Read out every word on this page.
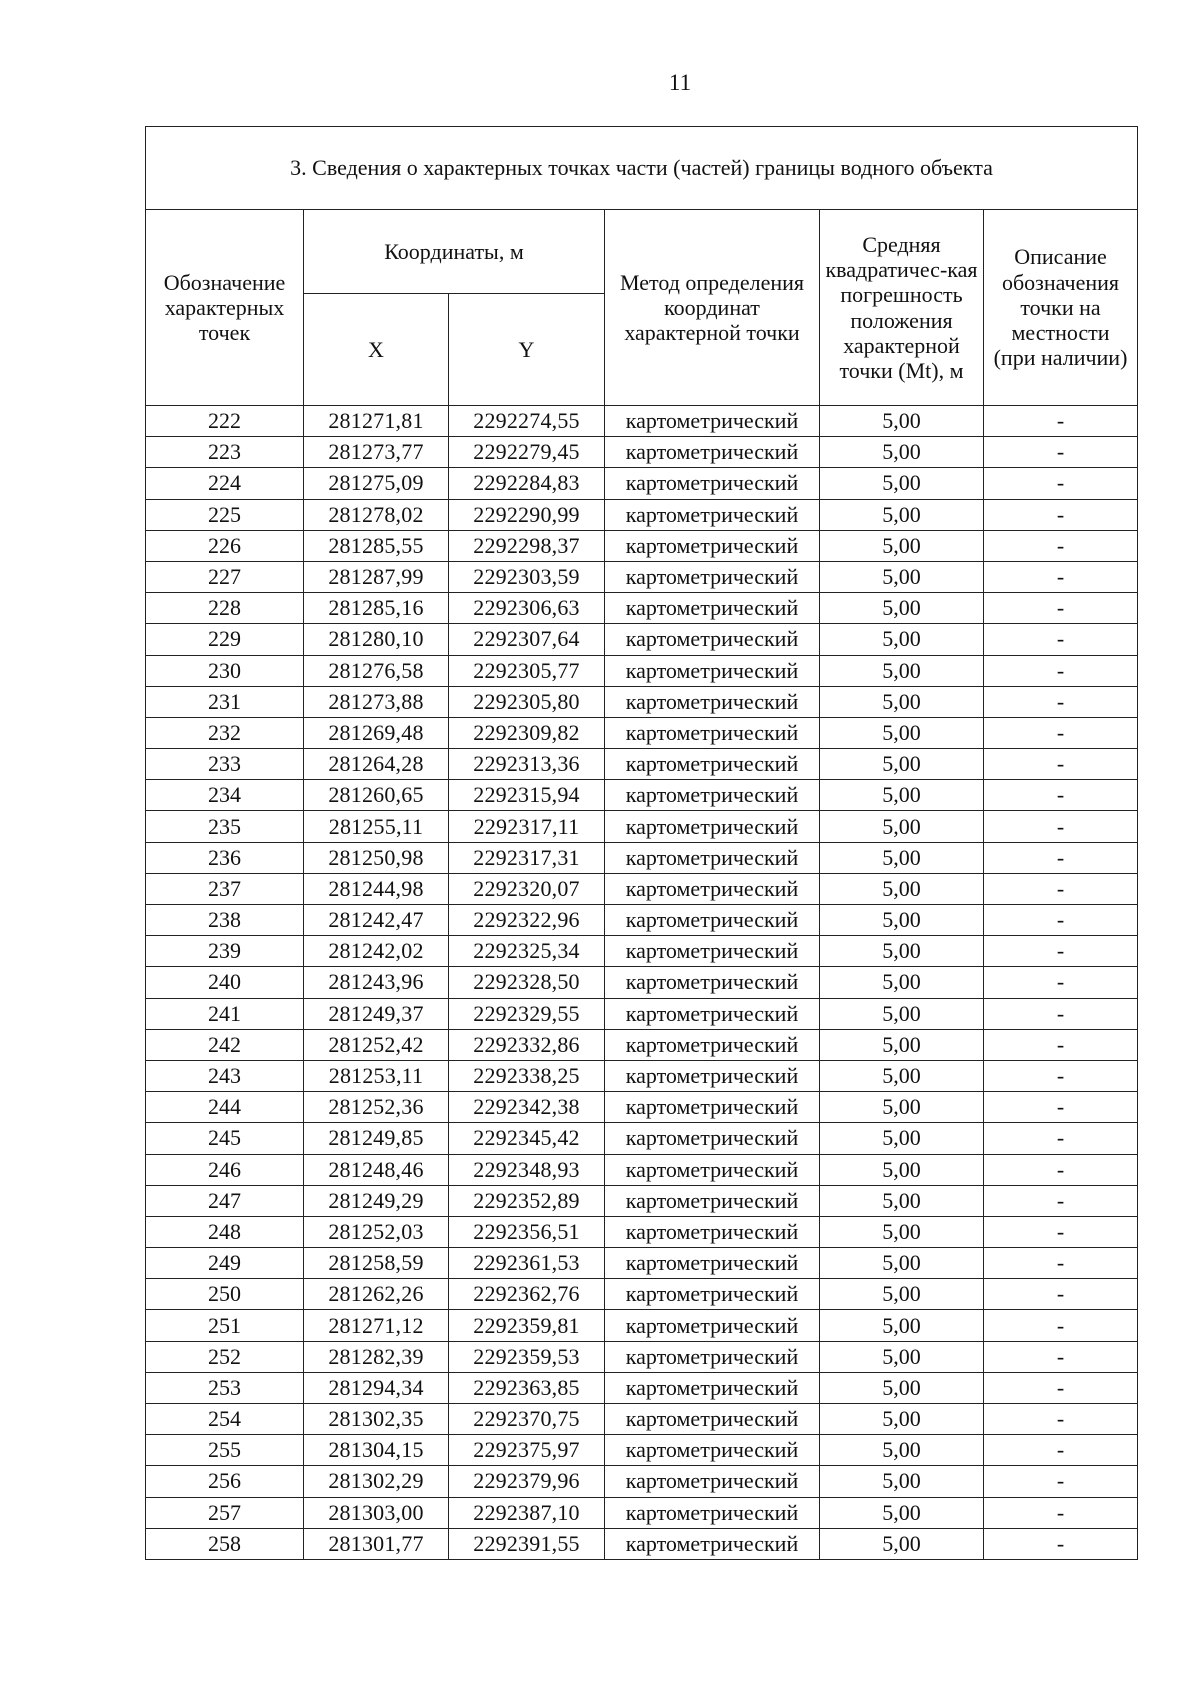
11
3. Сведения о характерных точках части (частей) границы водного объекта					

Обозначение характерных точек	Координаты, м		Метод определения координат характерной точки	Средняя квадратичес-кая погрешность положения характерной точки (Mt), м	Описание обозначения точки на местности (при наличии)

	X	Y			
222	281271,81	2292274,55	картометрический	5,00	-
223	281273,77	2292279,45	картометрический	5,00	-
224	281275,09	2292284,83	картометрический	5,00	-
225	281278,02	2292290,99	картометрический	5,00	-
226	281285,55	2292298,37	картометрический	5,00	-
227	281287,99	2292303,59	картометрический	5,00	-
228	281285,16	2292306,63	картометрический	5,00	-
229	281280,10	2292307,64	картометрический	5,00	-
230	281276,58	2292305,77	картометрический	5,00	-
231	281273,88	2292305,80	картометрический	5,00	-
232	281269,48	2292309,82	картометрический	5,00	-
233	281264,28	2292313,36	картометрический	5,00	-
234	281260,65	2292315,94	картометрический	5,00	-
235	281255,11	2292317,11	картометрический	5,00	-
236	281250,98	2292317,31	картометрический	5,00	-
237	281244,98	2292320,07	картометрический	5,00	-
238	281242,47	2292322,96	картометрический	5,00	-
239	281242,02	2292325,34	картометрический	5,00	-
240	281243,96	2292328,50	картометрический	5,00	-
241	281249,37	2292329,55	картометрический	5,00	-
242	281252,42	2292332,86	картометрический	5,00	-
243	281253,11	2292338,25	картометрический	5,00	-
244	281252,36	2292342,38	картометрический	5,00	-
245	281249,85	2292345,42	картометрический	5,00	-
246	281248,46	2292348,93	картометрический	5,00	-
247	281249,29	2292352,89	картометрический	5,00	-
248	281252,03	2292356,51	картометрический	5,00	-
249	281258,59	2292361,53	картометрический	5,00	-
250	281262,26	2292362,76	картометрический	5,00	-
251	281271,12	2292359,81	картометрический	5,00	-
252	281282,39	2292359,53	картометрический	5,00	-
253	281294,34	2292363,85	картометрический	5,00	-
254	281302,35	2292370,75	картометрический	5,00	-
255	281304,15	2292375,97	картометрический	5,00	-
256	281302,29	2292379,96	картометрический	5,00	-
257	281303,00	2292387,10	картометрический	5,00	-
258	281301,77	2292391,55	картометрический	5,00	-
